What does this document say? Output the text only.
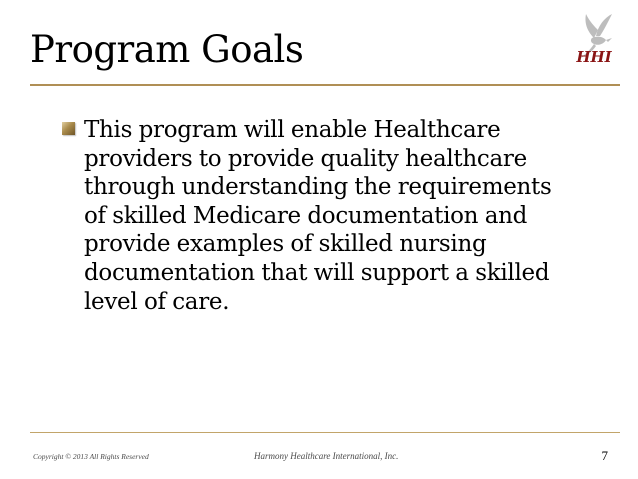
Program Goals	HHI

This program will enable Healthcare providers to provide quality healthcare through understanding the requirements of skilled Medicare documentation and provide examples of skilled nursing documentation that will support a skilled level of care.

Copyright © 2013 All Rights Reserved	Harmony Healthcare International, Inc.	7
